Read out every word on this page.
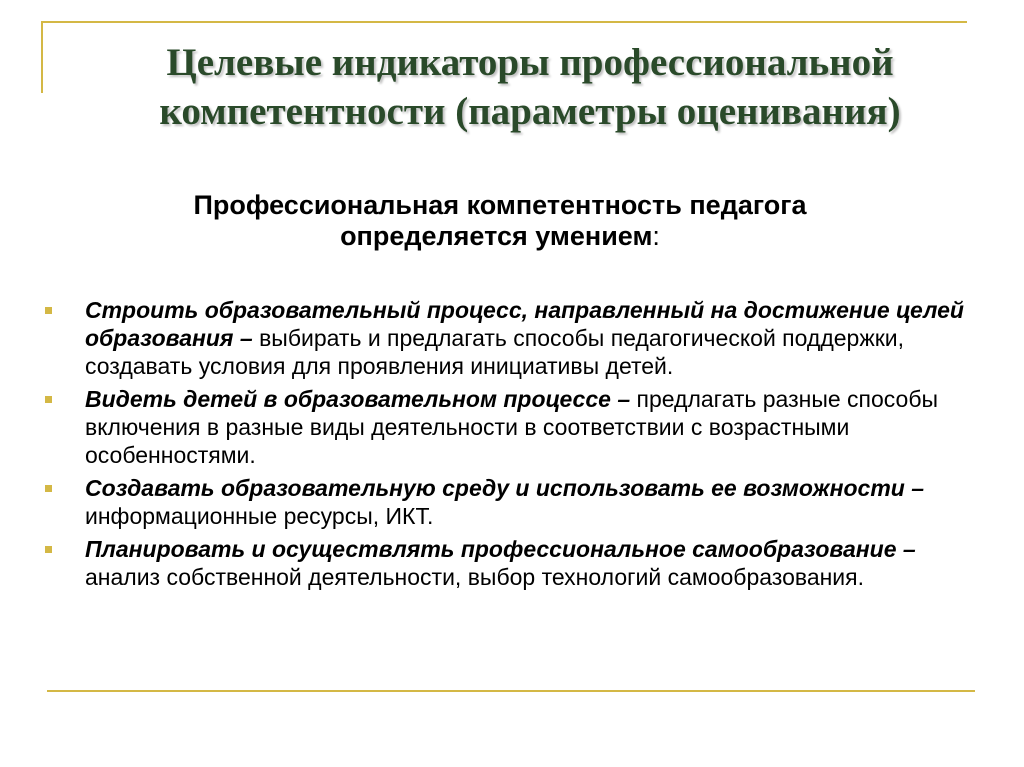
Целевые индикаторы профессиональной
компетентности (параметры оценивания)
Профессиональная компетентность педагога
определяется умением:
Строить образовательный процесс, направленный на достижение целей образования – выбирать и предлагать способы педагогической поддержки, создавать условия для проявления инициативы детей.
Видеть детей в образовательном процессе – предлагать разные способы включения в разные виды деятельности в соответствии с возрастными особенностями.
Создавать образовательную среду и использовать ее возможности – информационные ресурсы, ИКТ.
Планировать и осуществлять профессиональное самообразование – анализ собственной деятельности, выбор технологий самообразования.
